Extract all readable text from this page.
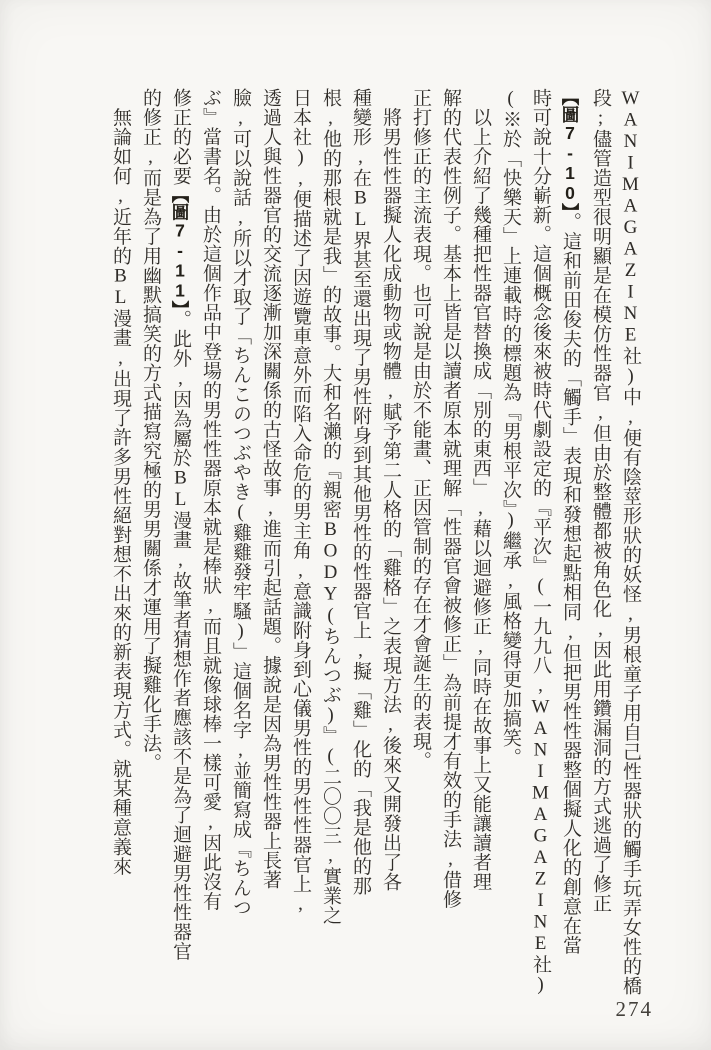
WANIMAGAZINE社)中,便有陰莖形狀的妖怪,男根童子用自己性器狀的觸手玩弄女性的橋
段;儘管造型很明顯是在模仿性器官,但由於整體都被角色化,因此用鑽漏洞的方式逃過了修正
【圖7-10】。這和前田俊夫的「觸手」表現和發想起點相同,但把男性性器整個擬人化的創意在當
時可說十分嶄新。這個概念後來被時代劇設定的『平次』(一九九八,WANIMAGAZINE社)
(※於「快樂天」上連載時的標題為『男根平次』)繼承,風格變得更加搞笑。
　以上介紹了幾種把性器官替換成「別的東西」,藉以迴避修正,同時在故事上又能讓讀者理
解的代表性例子。基本上皆是以讀者原本就理解「性器官會被修正」為前提才有效的手法,借修
正打修正的主流表現。也可說是由於不能畫、正因管制的存在才會誕生的表現。
　將男性性器擬人化成動物或物體,賦予第二人格的「雞格」之表現方法,後來又開發出了各
種變形,在BL界甚至還出現了男性附身到其他男性的性器官上,擬「雞」化的「我是他的那
根,他的那根就是我」的故事。大和名瀨的『親密BODY(ちんつぶ)』(二〇〇三,實業之
日本社),便描述了因遊覽車意外而陷入命危的男主角,意識附身到心儀男性的男性性器官上,
透過人與性器官的交流逐漸加深關係的古怪故事,進而引起話題。據說是因為男性性器上長著
臉,可以說話,所以才取了「ちんこのつぶやき(雞雞發牢騷)」這個名字,並簡寫成『ちんつ
ぶ』當書名。由於這個作品中登場的男性性器原本就是棒狀,而且就像球棒一樣可愛,因此沒有
修正的必要【圖7-11】。此外,因為屬於BL漫畫,故筆者猜想作者應該不是為了迴避男性性器官
的修正,而是為了用幽默搞笑的方式描寫究極的男男關係才運用了擬雞化手法。
　無論如何,近年的BL漫畫,出現了許多男性絕對想不出來的新表現方式。就某種意義來
274
